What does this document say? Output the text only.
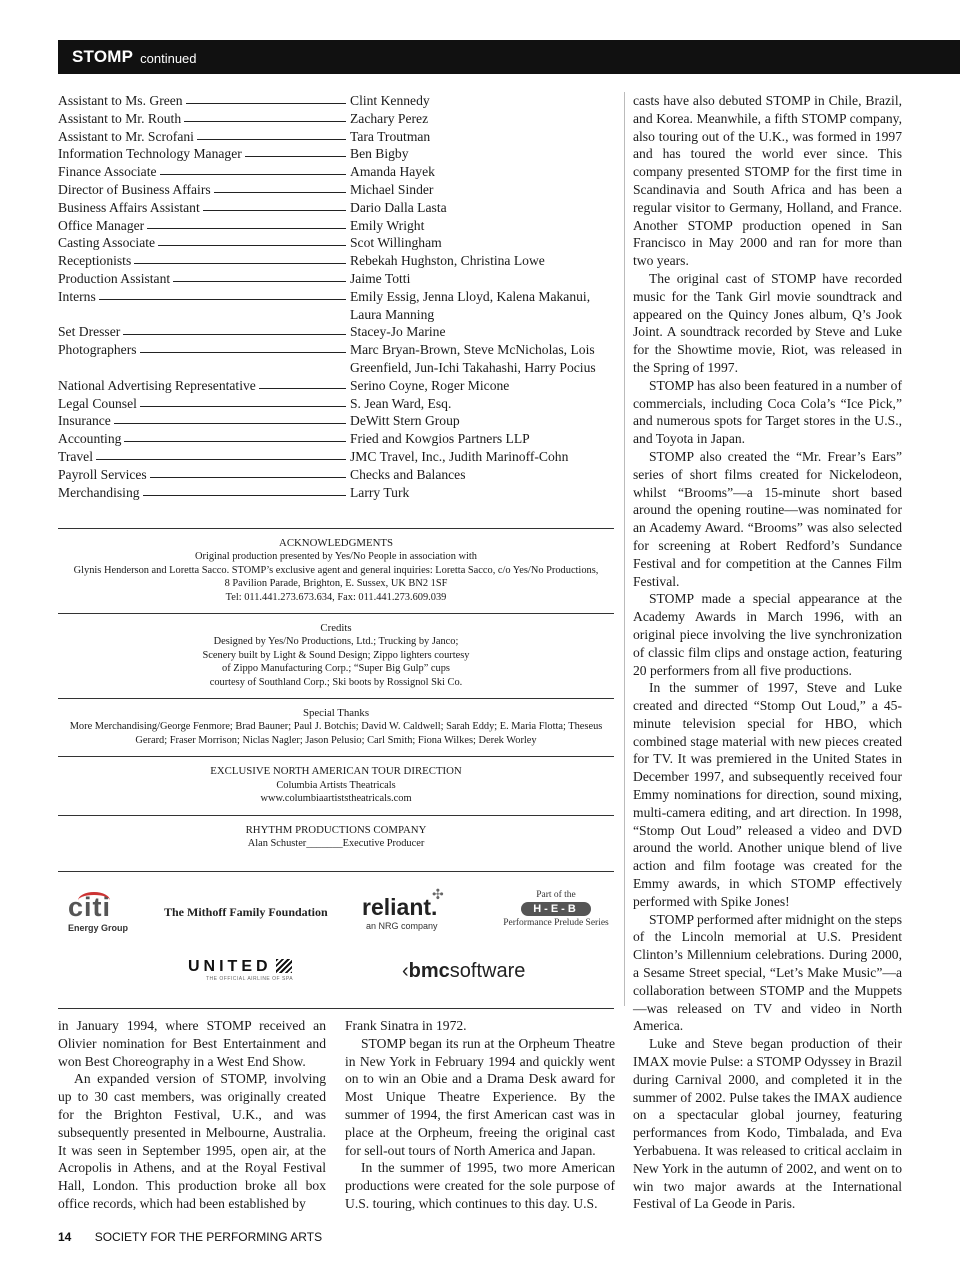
STOMP continued
Assistant to Ms. Green	Clint Kennedy
Assistant to Mr. Routh	Zachary Perez
Assistant to Mr. Scrofani	Tara Troutman
Information Technology Manager	Ben Bigby
Finance Associate	Amanda Hayek
Director of Business Affairs	Michael Sinder
Business Affairs Assistant	Dario Dalla Lasta
Office Manager	Emily Wright
Casting Associate	Scot Willingham
Receptionists	Rebekah Hughston, Christina Lowe
Production Assistant	Jaime Totti
Interns	Emily Essig, Jenna Lloyd, Kalena Makanui, Laura Manning
Set Dresser	Stacey-Jo Marine
Photographers	Marc Bryan-Brown, Steve McNicholas, Lois Greenfield, Jun-Ichi Takahashi, Harry Pocius
National Advertising Representative	Serino Coyne, Roger Micone
Legal Counsel	S. Jean Ward, Esq.
Insurance	DeWitt Stern Group
Accounting	Fried and Kowgios Partners LLP
Travel	JMC Travel, Inc., Judith Marinoff-Cohn
Payroll Services	Checks and Balances
Merchandising	Larry Turk
ACKNOWLEDGMENTS
Original production presented by Yes/No People in association with
Glynis Henderson and Loretta Sacco. STOMP’s exclusive agent and general inquiries: Loretta Sacco, c/o Yes/No Productions,
8 Pavilion Parade, Brighton, E. Sussex, UK BN2 1SF
Tel: 011.441.273.673.634, Fax: 011.441.273.609.039
Credits
Designed by Yes/No Productions, Ltd.; Trucking by Janco;
Scenery built by Light & Sound Design; Zippo lighters courtesy
of Zippo Manufacturing Corp.; “Super Big Gulp” cups
courtesy of Southland Corp.; Ski boots by Rossignol Ski Co.
Special Thanks
More Merchandising/George Fenmore; Brad Bauner; Paul J. Botchis; David W. Caldwell; Sarah Eddy; E. Maria Flotta; Theseus
Gerard; Fraser Morrison; Niclas Nagler; Jason Pelusio; Carl Smith; Fiona Wilkes; Derek Worley
EXCLUSIVE NORTH AMERICAN TOUR DIRECTION
Columbia Artists Theatricals
www.columbiaartiststheatricals.com
RHYTHM PRODUCTIONS COMPANY
Alan Schuster_______Executive Producer
citi
Energy Group
The Mithoff Family Foundation
✣
reliant.
an NRG company
Part of the
H-E-B
Performance Prelude Series
UNITED
THE OFFICIAL AIRLINE OF SPA	‹bmcsoftware

in January 1994, where STOMP received an Olivier nomination for Best Entertainment and won Best Choreography in a West End Show.

An expanded version of STOMP, involving up to 30 cast members, was originally created for the Brighton Festival, U.K., and was subsequently presented in Melbourne, Australia. It was seen in September 1995, open air, at the Acropolis in Athens, and at the Royal Festival Hall, London. This production broke all box office records, which had been established by

Frank Sinatra in 1972.

STOMP began its run at the Orpheum Theatre in New York in February 1994 and quickly went on to win an Obie and a Drama Desk award for Most Unique Theatre Experience. By the summer of 1994, the first American cast was in place at the Orpheum, freeing the original cast for sell-out tours of North America and Japan.

In the summer of 1995, two more American productions were created for the sole purpose of U.S. touring, which continues to this day. U.S.

casts have also debuted STOMP in Chile, Brazil, and Korea. Meanwhile, a fifth STOMP company, also touring out of the U.K., was formed in 1997 and has toured the world ever since. This company presented STOMP for the first time in Scandinavia and South Africa and has been a regular visitor to Germany, Holland, and France. Another STOMP production opened in San Francisco in May 2000 and ran for more than two years.

The original cast of STOMP have recorded music for the Tank Girl movie soundtrack and appeared on the Quincy Jones album, Q’s Jook Joint. A soundtrack recorded by Steve and Luke for the Showtime movie, Riot, was released in the Spring of 1997.

STOMP has also been featured in a number of commercials, including Coca Cola’s “Ice Pick,” and numerous spots for Target stores in the U.S., and Toyota in Japan.

STOMP also created the “Mr. Frear’s Ears” series of short films created for Nickelodeon, whilst “Brooms”—a 15-minute short based around the opening routine—was nominated for an Academy Award. “Brooms” was also selected for screening at Robert Redford’s Sundance Festival and for competition at the Cannes Film Festival.

STOMP made a special appearance at the Academy Awards in March 1996, with an original piece involving the live synchronization of classic film clips and onstage action, featuring 20 performers from all five productions.

In the summer of 1997, Steve and Luke created and directed “Stomp Out Loud,” a 45-minute television special for HBO, which combined stage material with new pieces created for TV. It was premiered in the United States in December 1997, and subsequently received four Emmy nominations for direction, sound mixing, multi-camera editing, and art direction. In 1998, “Stomp Out Loud” released a video and DVD around the world. Another unique blend of live action and film footage was created for the Emmy awards, in which STOMP effectively performed with Spike Jones!

STOMP performed after midnight on the steps of the Lincoln memorial at U.S. President Clinton’s Millennium celebrations. During 2000, a Sesame Street special, “Let’s Make Music”—a collaboration between STOMP and the Muppets—was released on TV and video in North America.

Luke and Steve began production of their IMAX movie Pulse: a STOMP Odyssey in Brazil during Carnival 2000, and completed it in the summer of 2002. Pulse takes the IMAX audience on a spectacular global journey, featuring performances from Kodo, Timbalada, and Eva Yerbabuena. It was released to critical acclaim in New York in the autumn of 2002, and went on to win two major awards at the International Festival of La Geode in Paris.

14 SOCIETY FOR THE PERFORMING ARTS
